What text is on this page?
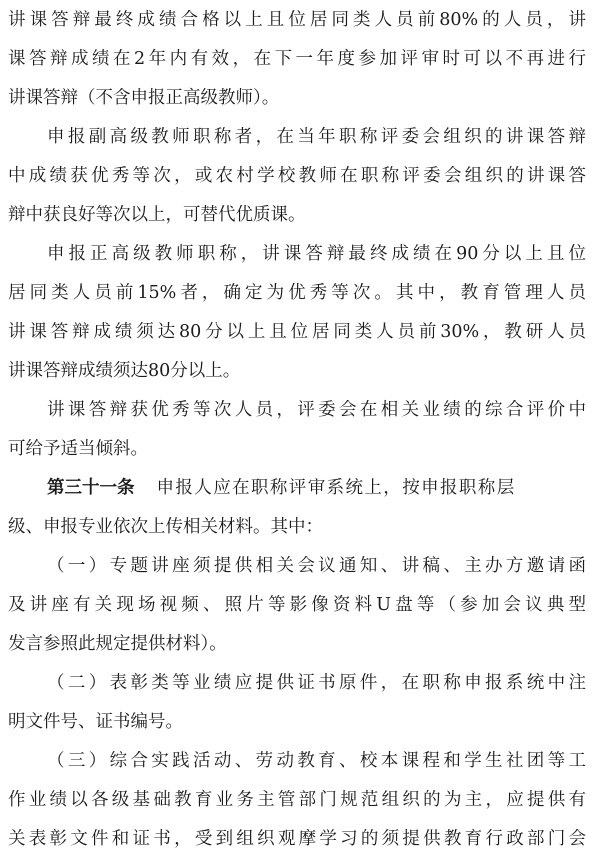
讲课答辩最终成绩合格以上且位居同类人员前80%的人员，讲
课答辩成绩在2年内有效，在下一年度参加评审时可以不再进行
讲课答辩（不含申报正高级教师）。
申报副高级教师职称者，在当年职称评委会组织的讲课答辩
中成绩获优秀等次，或农村学校教师在职称评委会组织的讲课答
辩中获良好等次以上，可替代优质课。
申报正高级教师职称，讲课答辩最终成绩在90分以上且位
居同类人员前15%者，确定为优秀等次。其中，教育管理人员
讲课答辩成绩须达80分以上且位居同类人员前30%，教研人员
讲课答辩成绩须达80分以上。
讲课答辩获优秀等次人员，评委会在相关业绩的综合评价中
可给予适当倾斜。
第三十一条 申报人应在职称评审系统上，按申报职称层
级、申报专业依次上传相关材料。其中：
（一）专题讲座须提供相关会议通知、讲稿、主办方邀请函
及讲座有关现场视频、照片等影像资料U盘等（参加会议典型
发言参照此规定提供材料）。
（二）表彰类等业绩应提供证书原件，在职称申报系统中注
明文件号、证书编号。
（三）综合实践活动、劳动教育、校本课程和学生社团等工
作业绩以各级基础教育业务主管部门规范组织的为主，应提供有
关表彰文件和证书，受到组织观摩学习的须提供教育行政部门会
